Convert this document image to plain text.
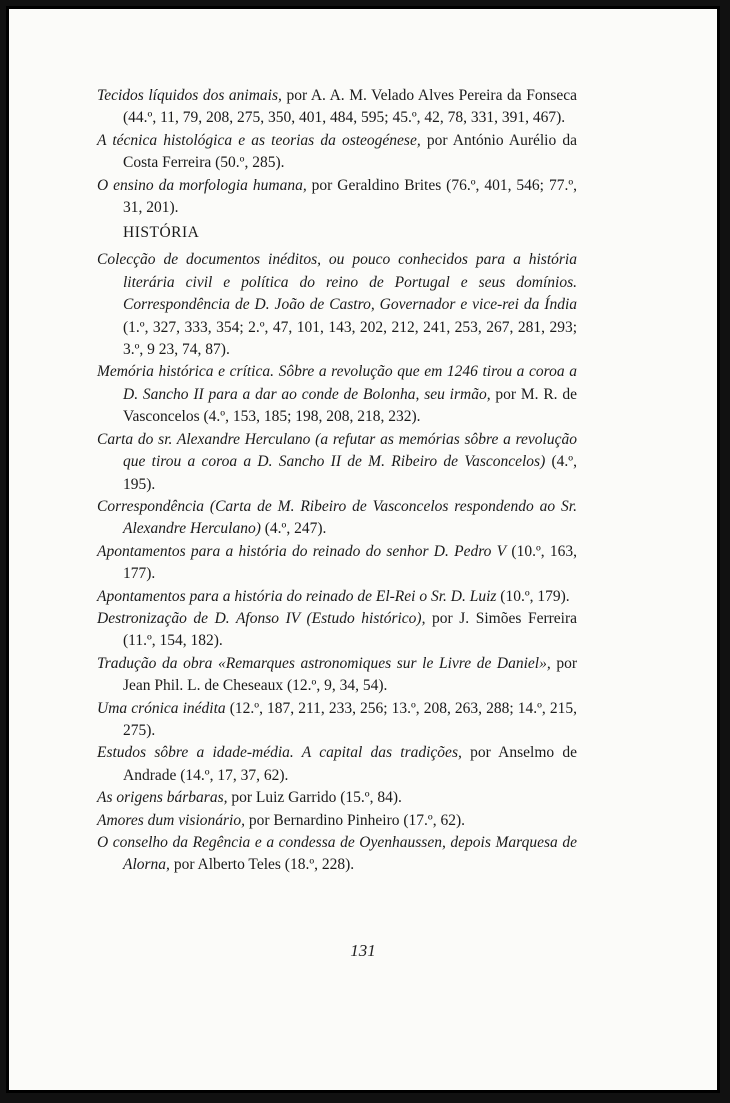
Tecidos líquidos dos animais, por A. A. M. Velado Alves Pereira da Fonseca (44.º, 11, 79, 208, 275, 350, 401, 484, 595; 45.º, 42, 78, 331, 391, 467).

A técnica histológica e as teorias da osteogénese, por António Aurélio da Costa Ferreira (50.º, 285).

O ensino da morfologia humana, por Geraldino Brites (76.º, 401, 546; 77.º, 31, 201).

HISTÓRIA

Colecção de documentos inéditos, ou pouco conhecidos para a história literária civil e política do reino de Portugal e seus domínios. Correspondência de D. João de Castro, Governador e vice-rei da Índia (1.º, 327, 333, 354; 2.º, 47, 101, 143, 202, 212, 241, 253, 267, 281, 293; 3.º, 9 23, 74, 87).

Memória histórica e crítica. Sôbre a revolução que em 1246 tirou a coroa a D. Sancho II para a dar ao conde de Bolonha, seu irmão, por M. R. de Vasconcelos (4.º, 153, 185; 198, 208, 218, 232).

Carta do sr. Alexandre Herculano (a refutar as memórias sôbre a revolução que tirou a coroa a D. Sancho II de M. Ribeiro de Vasconcelos) (4.º, 195).

Correspondência (Carta de M. Ribeiro de Vasconcelos respondendo ao Sr. Alexandre Herculano) (4.º, 247).

Apontamentos para a história do reinado do senhor D. Pedro V (10.º, 163, 177).

Apontamentos para a história do reinado de El-Rei o Sr. D. Luiz (10.º, 179).

Destronização de D. Afonso IV (Estudo histórico), por J. Simões Ferreira (11.º, 154, 182).

Tradução da obra «Remarques astronomiques sur le Livre de Daniel», por Jean Phil. L. de Cheseaux (12.º, 9, 34, 54).

Uma crónica inédita (12.º, 187, 211, 233, 256; 13.º, 208, 263, 288; 14.º, 215, 275).

Estudos sôbre a idade-média. A capital das tradições, por Anselmo de Andrade (14.º, 17, 37, 62).

As origens bárbaras, por Luiz Garrido (15.º, 84).

Amores dum visionário, por Bernardino Pinheiro (17.º, 62).

O conselho da Regência e a condessa de Oyenhaussen, depois Marquesa de Alorna, por Alberto Teles (18.º, 228).

131
